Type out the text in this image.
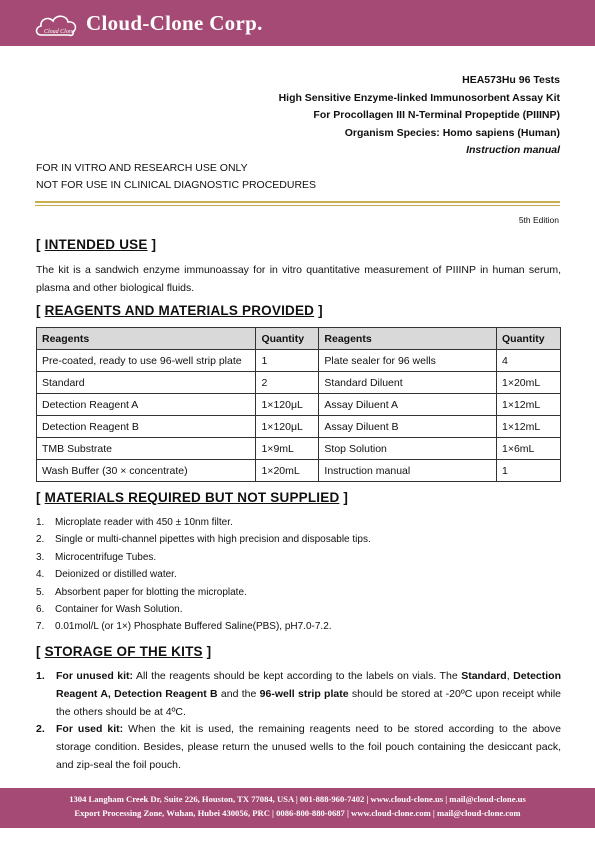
Cloud Clone Cloud-Clone Corp.
HEA573Hu 96 Tests
High Sensitive Enzyme-linked Immunosorbent Assay Kit
For Procollagen III N-Terminal Propeptide (PIIINP)
Organism Species: Homo sapiens (Human)
Instruction manual
FOR IN VITRO AND RESEARCH USE ONLY
NOT FOR USE IN CLINICAL DIAGNOSTIC PROCEDURES
5th Edition
[ INTENDED USE ]
The kit is a sandwich enzyme immunoassay for in vitro quantitative measurement of PIIINP in human serum, plasma and other biological fluids.
[ REAGENTS AND MATERIALS PROVIDED ]
Reagents	Quantity	Reagents	Quantity
Pre-coated, ready to use 96-well strip plate	1	Plate sealer for 96 wells	4
Standard	2	Standard Diluent	1×20mL
Detection Reagent A	1×120μL	Assay Diluent A	1×12mL
Detection Reagent B	1×120μL	Assay Diluent B	1×12mL
TMB Substrate	1×9mL	Stop Solution	1×6mL
Wash Buffer (30 × concentrate)	1×20mL	Instruction manual	1
[ MATERIALS REQUIRED BUT NOT SUPPLIED ]
1.	Microplate reader with 450 ± 10nm filter.
2.	Single or multi-channel pipettes with high precision and disposable tips.
3.	Microcentrifuge Tubes.
4.	Deionized or distilled water.
5.	Absorbent paper for blotting the microplate.
6.	Container for Wash Solution.
7.	0.01mol/L (or 1×) Phosphate Buffered Saline(PBS), pH7.0-7.2.
[ STORAGE OF THE KITS ]
1.	For unused kit: All the reagents should be kept according to the labels on vials. The Standard, Detection Reagent A, Detection Reagent B and the 96-well strip plate should be stored at -20ºC upon receipt while the others should be at 4ºC.
2.	For used kit: When the kit is used, the remaining reagents need to be stored according to the above storage condition. Besides, please return the unused wells to the foil pouch containing the desiccant pack, and zip-seal the foil pouch.
1304 Langham Creek Dr, Suite 226, Houston, TX 77084, USA | 001-888-960-7402 | www.cloud-clone.us | mail@cloud-clone.us
Export Processing Zone, Wuhan, Hubei 430056, PRC | 0086-800-880-0687 | www.cloud-clone.com | mail@cloud-clone.com
